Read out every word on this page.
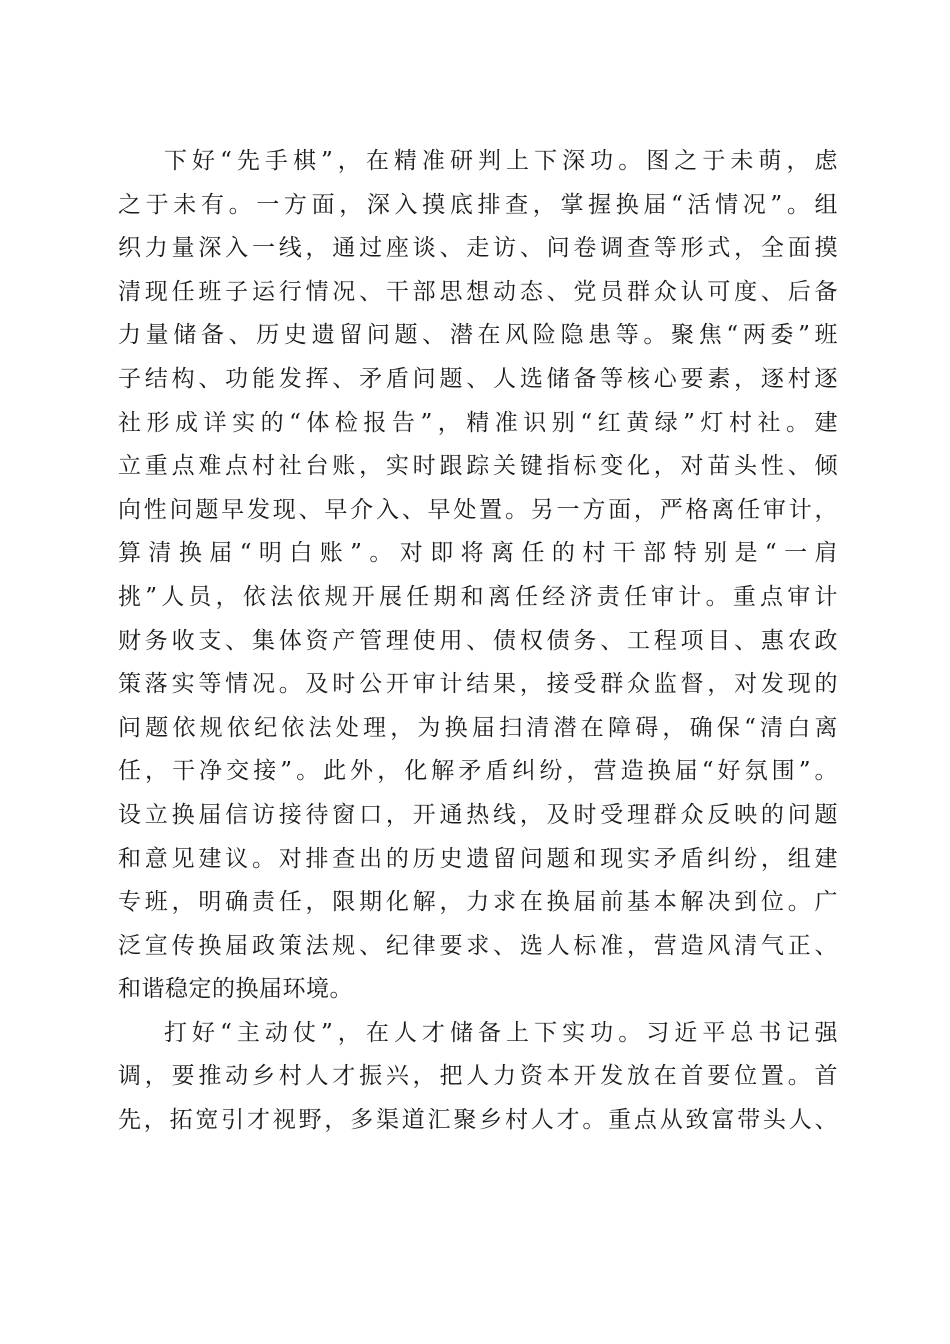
下好“先手棋”，在精准研判上下深功。图之于未萌，虑
之于未有。一方面，深入摸底排查，掌握换届“活情况”。组
织力量深入一线，通过座谈、走访、问卷调查等形式，全面摸
清现任班子运行情况、干部思想动态、党员群众认可度、后备
力量储备、历史遗留问题、潜在风险隐患等。聚焦“两委”班
子结构、功能发挥、矛盾问题、人选储备等核心要素，逐村逐
社形成详实的“体检报告”，精准识别“红黄绿”灯村社。建
立重点难点村社台账，实时跟踪关键指标变化，对苗头性、倾
向性问题早发现、早介入、早处置。另一方面，严格离任审计，
算清换届“明白账”。对即将离任的村干部特别是“一肩
挑”人员，依法依规开展任期和离任经济责任审计。重点审计
财务收支、集体资产管理使用、债权债务、工程项目、惠农政
策落实等情况。及时公开审计结果，接受群众监督，对发现的
问题依规依纪依法处理，为换届扫清潜在障碍，确保“清白离
任，干净交接”。此外，化解矛盾纠纷，营造换届“好氛围”。
设立换届信访接待窗口，开通热线，及时受理群众反映的问题
和意见建议。对排查出的历史遗留问题和现实矛盾纠纷，组建
专班，明确责任，限期化解，力求在换届前基本解决到位。广
泛宣传换届政策法规、纪律要求、选人标准，营造风清气正、
和谐稳定的换届环境。
打好“主动仗”，在人才储备上下实功。习近平总书记强
调，要推动乡村人才振兴，把人力资本开发放在首要位置。首
先，拓宽引才视野，多渠道汇聚乡村人才。重点从致富带头人、
